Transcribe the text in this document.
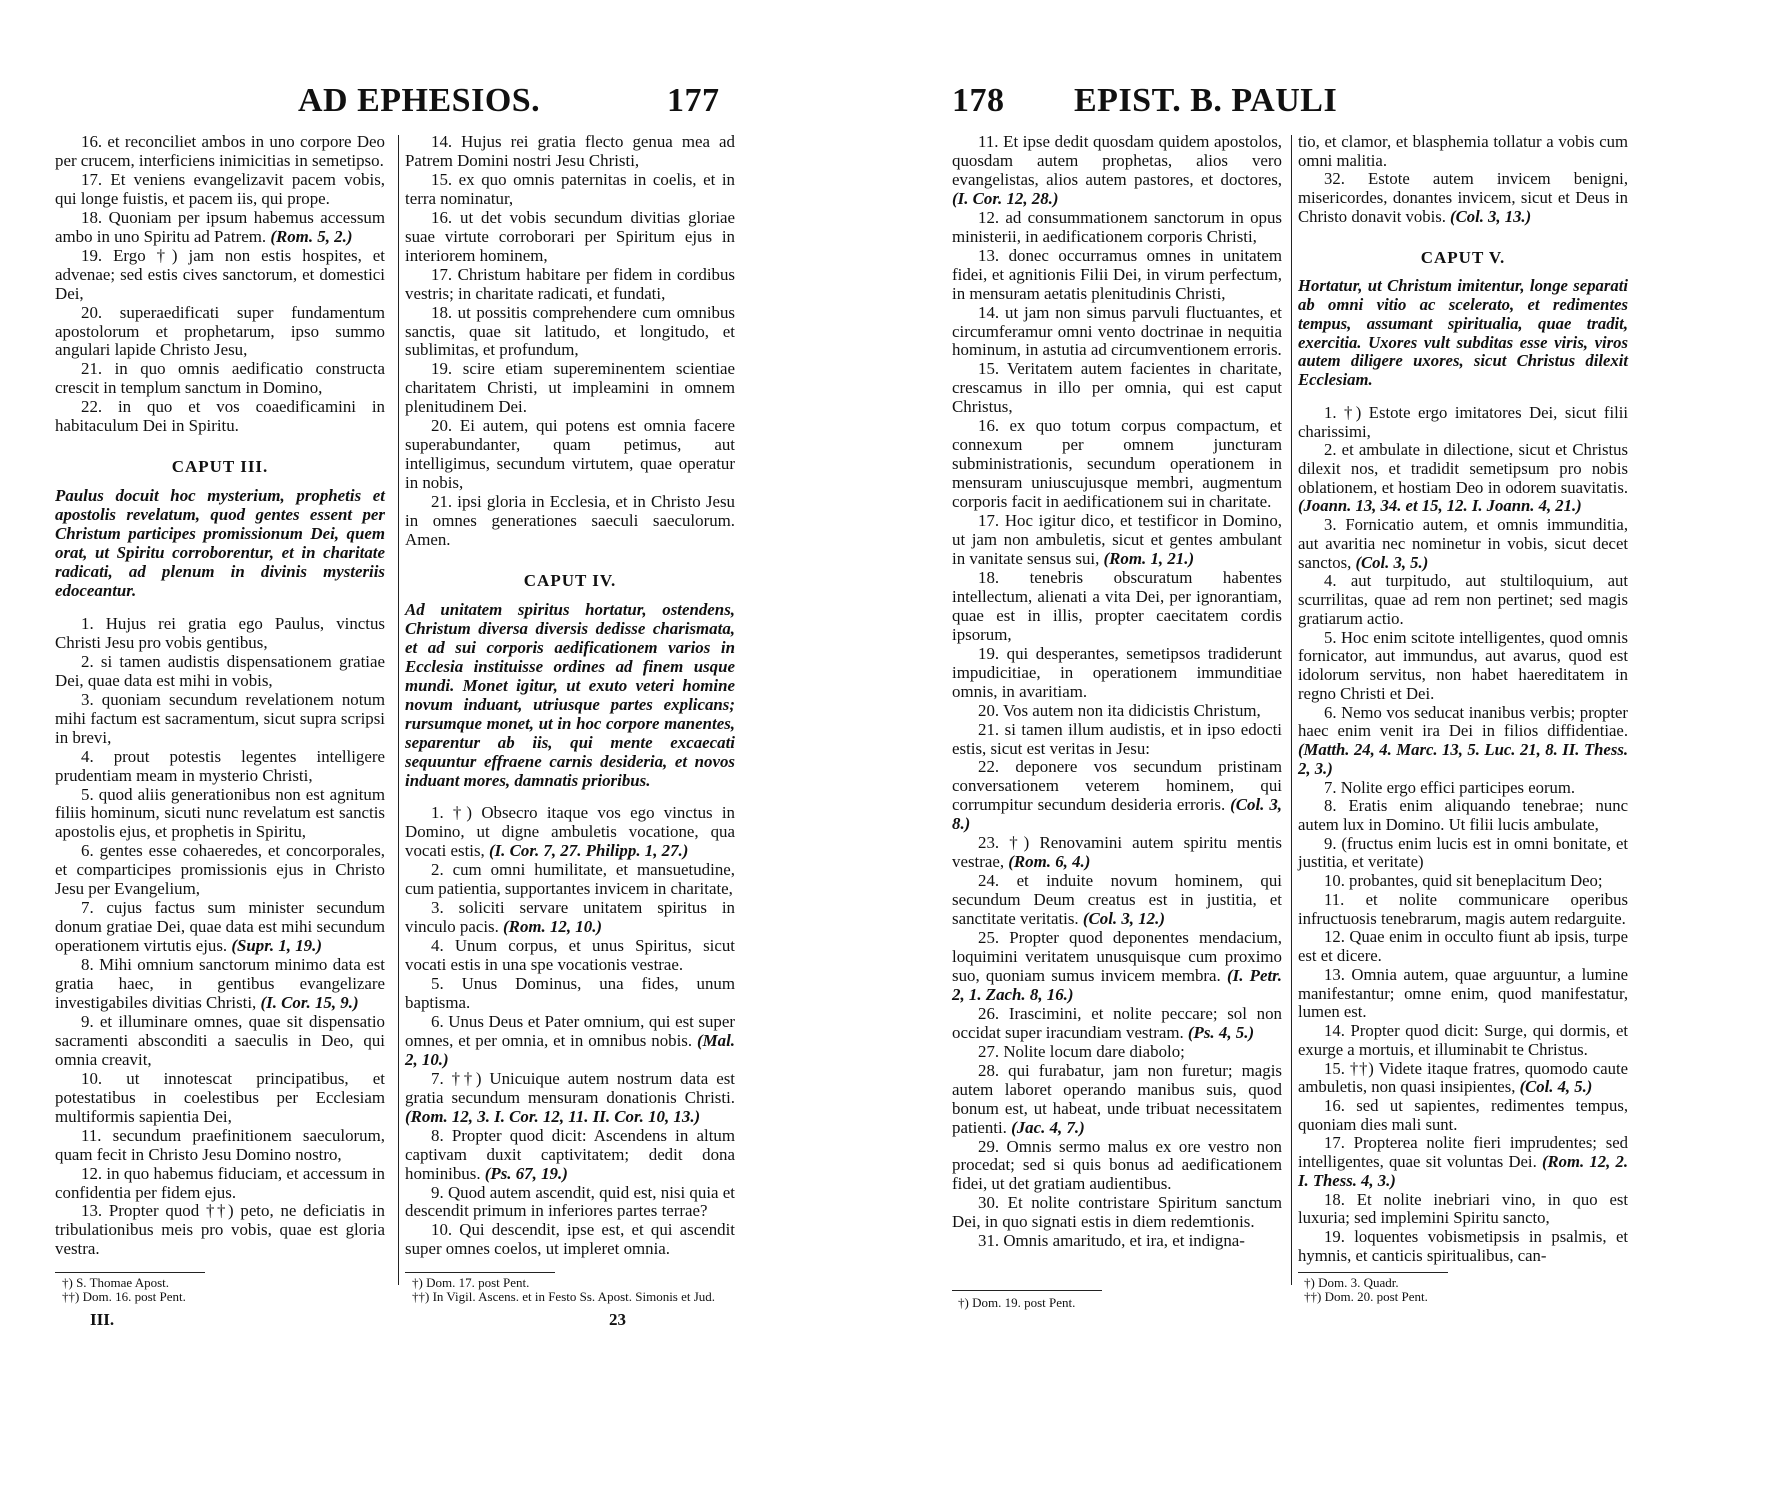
AD EPHESIOS.	177

16. et reconciliet ambos in uno corpore Deo per crucem, interficiens inimicitias in semetipso.

17. Et veniens evangelizavit pacem vobis, qui longe fuistis, et pacem iis, qui prope.

18. Quoniam per ipsum habemus accessum ambo in uno Spiritu ad Patrem. (Rom. 5, 2.)

19. Ergo †) jam non estis hospites, et advenae; sed estis cives sanctorum, et domestici Dei,

20. superaedificati super fundamentum apostolorum et prophetarum, ipso summo angulari lapide Christo Jesu,

21. in quo omnis aedificatio constructa crescit in templum sanctum in Domino,

22. in quo et vos coaedificamini in habitaculum Dei in Spiritu.

CAPUT III.

Paulus docuit hoc mysterium, prophetis et apostolis revelatum, quod gentes essent per Christum participes promissionum Dei, quem orat, ut Spiritu corroborentur, et in charitate radicati, ad plenum in divinis mysteriis edoceantur.

1. Hujus rei gratia ego Paulus, vinctus Christi Jesu pro vobis gentibus,

2. si tamen audistis dispensationem gratiae Dei, quae data est mihi in vobis,

3. quoniam secundum revelationem notum mihi factum est sacramentum, sicut supra scripsi in brevi,

4. prout potestis legentes intelligere prudentiam meam in mysterio Christi,

5. quod aliis generationibus non est agnitum filiis hominum, sicuti nunc revelatum est sanctis apostolis ejus, et prophetis in Spiritu,

6. gentes esse cohaeredes, et concorporales, et comparticipes promissionis ejus in Christo Jesu per Evangelium,

7. cujus factus sum minister secundum donum gratiae Dei, quae data est mihi secundum operationem virtutis ejus. (Supr. 1, 19.)

8. Mihi omnium sanctorum minimo data est gratia haec, in gentibus evangelizare investigabiles divitias Christi, (I. Cor. 15, 9.)

9. et illuminare omnes, quae sit dispensatio sacramenti absconditi a saeculis in Deo, qui omnia creavit,

10. ut innotescat principatibus, et potestatibus in coelestibus per Ecclesiam multiformis sapientia Dei,

11. secundum praefinitionem saeculorum, quam fecit in Christo Jesu Domino nostro,

12. in quo habemus fiduciam, et accessum in confidentia per fidem ejus.

13. Propter quod ††) peto, ne deficiatis in tribulationibus meis pro vobis, quae est gloria vestra.

14. Hujus rei gratia flecto genua mea ad Patrem Domini nostri Jesu Christi,

15. ex quo omnis paternitas in coelis, et in terra nominatur,

16. ut det vobis secundum divitias gloriae suae virtute corroborari per Spiritum ejus in interiorem hominem,

17. Christum habitare per fidem in cordibus vestris; in charitate radicati, et fundati,

18. ut possitis comprehendere cum omnibus sanctis, quae sit latitudo, et longitudo, et sublimitas, et profundum,

19. scire etiam supereminentem scientiae charitatem Christi, ut impleamini in omnem plenitudinem Dei.

20. Ei autem, qui potens est omnia facere superabundanter, quam petimus, aut intelligimus, secundum virtutem, quae operatur in nobis,

21. ipsi gloria in Ecclesia, et in Christo Jesu in omnes generationes saeculi saeculorum. Amen.

CAPUT IV.

Ad unitatem spiritus hortatur, ostendens, Christum diversa diversis dedisse charismata, et ad sui corporis aedificationem varios in Ecclesia instituisse ordines ad finem usque mundi. Monet igitur, ut exuto veteri homine novum induant, utriusque partes explicans; rursumque monet, ut in hoc corpore manentes, separentur ab iis, qui mente excaecati sequuntur effraene carnis desideria, et novos induant mores, damnatis prioribus.

1. †) Obsecro itaque vos ego vinctus in Domino, ut digne ambuletis vocatione, qua vocati estis, (I. Cor. 7, 27. Philipp. 1, 27.)

2. cum omni humilitate, et mansuetudine, cum patientia, supportantes invicem in charitate,

3. soliciti servare unitatem spiritus in vinculo pacis. (Rom. 12, 10.)

4. Unum corpus, et unus Spiritus, sicut vocati estis in una spe vocationis vestrae.

5. Unus Dominus, una fides, unum baptisma.

6. Unus Deus et Pater omnium, qui est super omnes, et per omnia, et in omnibus nobis. (Mal. 2, 10.)

7. ††) Unicuique autem nostrum data est gratia secundum mensuram donationis Christi. (Rom. 12, 3. I. Cor. 12, 11. II. Cor. 10, 13.)

8. Propter quod dicit: Ascendens in altum captivam duxit captivitatem; dedit dona hominibus. (Ps. 67, 19.)

9. Quod autem ascendit, quid est, nisi quia et descendit primum in inferiores partes terrae?

10. Qui descendit, ipse est, et qui ascendit super omnes coelos, ut impleret omnia.

†) S. Thomae Apost.
††) Dom. 16. post Pent.
III.
†) Dom. 17. post Pent.
††) In Vigil. Ascens. et in Festo Ss. Apost. Simonis et Jud.
23
178 EPIST. B. PAULI

11. Et ipse dedit quosdam quidem apostolos, quosdam autem prophetas, alios vero evangelistas, alios autem pastores, et doctores, (I. Cor. 12, 28.)

12. ad consummationem sanctorum in opus ministerii, in aedificationem corporis Christi,

13. donec occurramus omnes in unitatem fidei, et agnitionis Filii Dei, in virum perfectum, in mensuram aetatis plenitudinis Christi,

14. ut jam non simus parvuli fluctuantes, et circumferamur omni vento doctrinae in nequitia hominum, in astutia ad circumventionem erroris.

15. Veritatem autem facientes in charitate, crescamus in illo per omnia, qui est caput Christus,

16. ex quo totum corpus compactum, et connexum per omnem juncturam subministrationis, secundum operationem in mensuram uniuscujusque membri, augmentum corporis facit in aedificationem sui in charitate.

17. Hoc igitur dico, et testificor in Domino, ut jam non ambuletis, sicut et gentes ambulant in vanitate sensus sui, (Rom. 1, 21.)

18. tenebris obscuratum habentes intellectum, alienati a vita Dei, per ignorantiam, quae est in illis, propter caecitatem cordis ipsorum,

19. qui desperantes, semetipsos tradiderunt impudicitiae, in operationem immunditiae omnis, in avaritiam.

20. Vos autem non ita didicistis Christum,

21. si tamen illum audistis, et in ipso edocti estis, sicut est veritas in Jesu:

22. deponere vos secundum pristinam conversationem veterem hominem, qui corrumpitur secundum desideria erroris. (Col. 3, 8.)

23. †) Renovamini autem spiritu mentis vestrae, (Rom. 6, 4.)

24. et induite novum hominem, qui secundum Deum creatus est in justitia, et sanctitate veritatis. (Col. 3, 12.)

25. Propter quod deponentes mendacium, loquimini veritatem unusquisque cum proximo suo, quoniam sumus invicem membra. (I. Petr. 2, 1. Zach. 8, 16.)

26. Irascimini, et nolite peccare; sol non occidat super iracundiam vestram. (Ps. 4, 5.)

27. Nolite locum dare diabolo;

28. qui furabatur, jam non furetur; magis autem laboret operando manibus suis, quod bonum est, ut habeat, unde tribuat necessitatem patienti. (Jac. 4, 7.)

29. Omnis sermo malus ex ore vestro non procedat; sed si quis bonus ad aedificationem fidei, ut det gratiam audientibus.

30. Et nolite contristare Spiritum sanctum Dei, in quo signati estis in diem redemtionis.

31. Omnis amaritudo, et ira, et indigna-

tio, et clamor, et blasphemia tollatur a vobis cum omni malitia.

32. Estote autem invicem benigni, misericordes, donantes invicem, sicut et Deus in Christo donavit vobis. (Col. 3, 13.)

CAPUT V.

Hortatur, ut Christum imitentur, longe separati ab omni vitio ac scelerato, et redimentes tempus, assumant spiritualia, quae tradit, exercitia. Uxores vult subditas esse viris, viros autem diligere uxores, sicut Christus dilexit Ecclesiam.

1. †) Estote ergo imitatores Dei, sicut filii charissimi,

2. et ambulate in dilectione, sicut et Christus dilexit nos, et tradidit semetipsum pro nobis oblationem, et hostiam Deo in odorem suavitatis. (Joann. 13, 34. et 15, 12. I. Joann. 4, 21.)

3. Fornicatio autem, et omnis immunditia, aut avaritia nec nominetur in vobis, sicut decet sanctos, (Col. 3, 5.)

4. aut turpitudo, aut stultiloquium, aut scurrilitas, quae ad rem non pertinet; sed magis gratiarum actio.

5. Hoc enim scitote intelligentes, quod omnis fornicator, aut immundus, aut avarus, quod est idolorum servitus, non habet haereditatem in regno Christi et Dei.

6. Nemo vos seducat inanibus verbis; propter haec enim venit ira Dei in filios diffidentiae. (Matth. 24, 4. Marc. 13, 5. Luc. 21, 8. II. Thess. 2, 3.)

7. Nolite ergo effici participes eorum.

8. Eratis enim aliquando tenebrae; nunc autem lux in Domino. Ut filii lucis ambulate,

9. (fructus enim lucis est in omni bonitate, et justitia, et veritate)

10. probantes, quid sit beneplacitum Deo;

11. et nolite communicare operibus infructuosis tenebrarum, magis autem redarguite.

12. Quae enim in occulto fiunt ab ipsis, turpe est et dicere.

13. Omnia autem, quae arguuntur, a lumine manifestantur; omne enim, quod manifestatur, lumen est.

14. Propter quod dicit: Surge, qui dormis, et exurge a mortuis, et illuminabit te Christus.

15. ††) Videte itaque fratres, quomodo caute ambuletis, non quasi insipientes, (Col. 4, 5.)

16. sed ut sapientes, redimentes tempus, quoniam dies mali sunt.

17. Propterea nolite fieri imprudentes; sed intelligentes, quae sit voluntas Dei. (Rom. 12, 2. I. Thess. 4, 3.)

18. Et nolite inebriari vino, in quo est luxuria; sed implemini Spiritu sancto,

19. loquentes vobismetipsis in psalmis, et hymnis, et canticis spiritualibus, can-

†) Dom. 19. post Pent.
†) Dom. 3. Quadr.
††) Dom. 20. post Pent.
